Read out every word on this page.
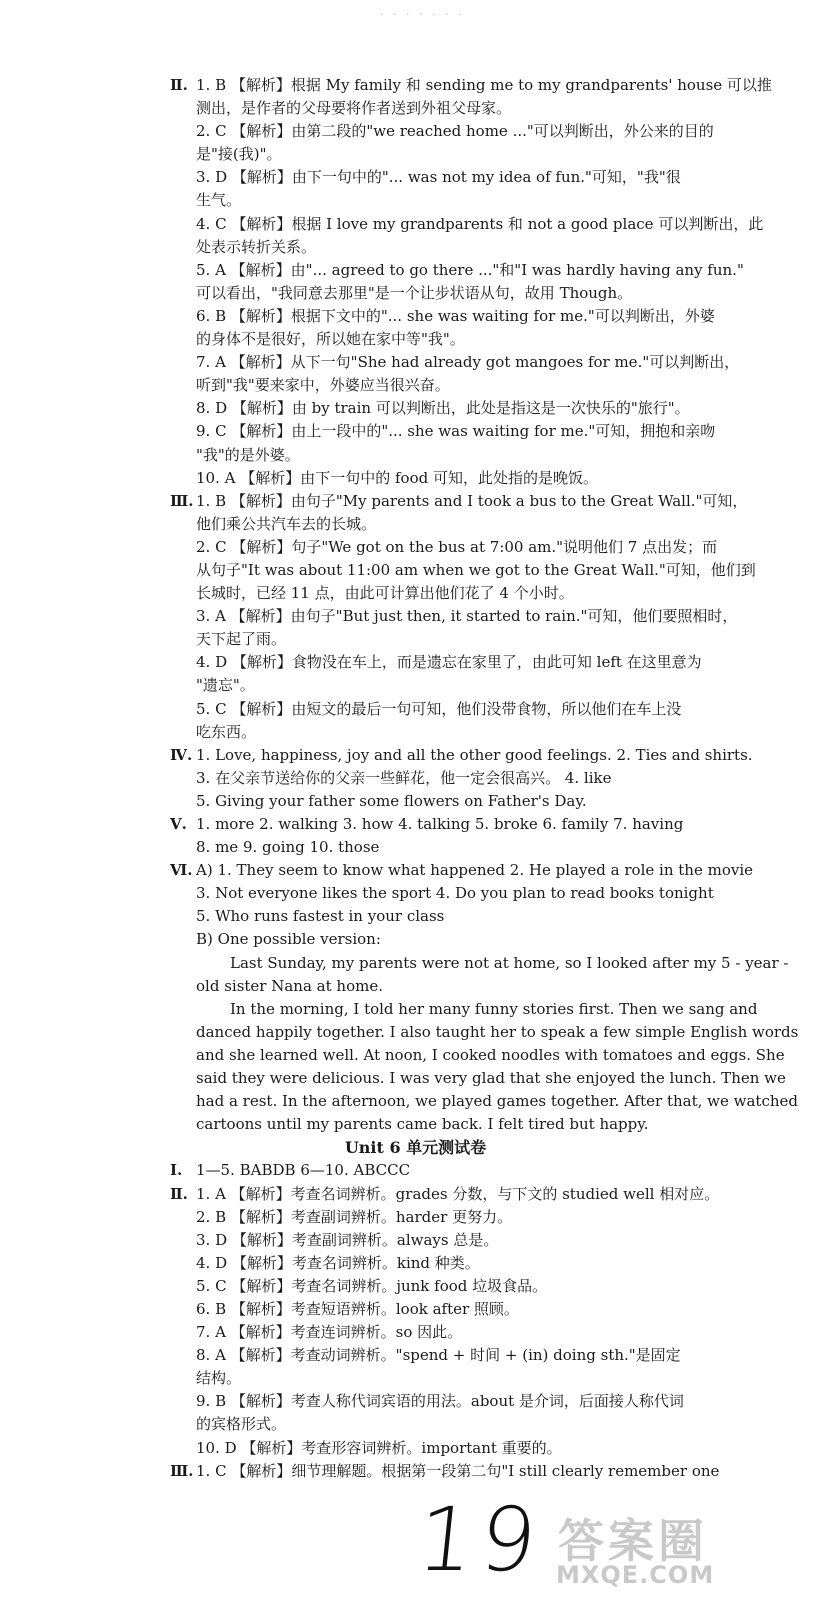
· · · · · · ·
Ⅱ. 1. B 【解析】根据 My family 和 sending me to my grandparents' house 可以推
测出，是作者的父母要将作者送到外祖父母家。
2. C 【解析】由第二段的"we reached home ..."可以判断出，外公来的目的
是"接(我)"。
3. D 【解析】由下一句中的"... was not my idea of fun."可知，"我"很
生气。
4. C 【解析】根据 I love my grandparents 和 not a good place 可以判断出，此
处表示转折关系。
5. A 【解析】由"... agreed to go there ..."和"I was hardly having any fun."
可以看出，"我同意去那里"是一个让步状语从句，故用 Though。
6. B 【解析】根据下文中的"... she was waiting for me."可以判断出，外婆
的身体不是很好，所以她在家中等"我"。
7. A 【解析】从下一句"She had already got mangoes for me."可以判断出，
听到"我"要来家中，外婆应当很兴奋。
8. D 【解析】由 by train 可以判断出，此处是指这是一次快乐的"旅行"。
9. C 【解析】由上一段中的"... she was waiting for me."可知，拥抱和亲吻
"我"的是外婆。
10. A 【解析】由下一句中的 food 可知，此处指的是晚饭。
Ⅲ. 1. B 【解析】由句子"My parents and I took a bus to the Great Wall."可知，
他们乘公共汽车去的长城。
2. C 【解析】句子"We got on the bus at 7:00 am."说明他们 7 点出发；而
从句子"It was about 11:00 am when we got to the Great Wall."可知，他们到
长城时，已经 11 点，由此可计算出他们花了 4 个小时。
3. A 【解析】由句子"But just then, it started to rain."可知，他们要照相时，
天下起了雨。
4. D 【解析】食物没在车上，而是遗忘在家里了，由此可知 left 在这里意为
"遗忘"。
5. C 【解析】由短文的最后一句可知，他们没带食物，所以他们在车上没
吃东西。
Ⅳ. 1. Love, happiness, joy and all the other good feelings. 2. Ties and shirts.
3. 在父亲节送给你的父亲一些鲜花，他一定会很高兴。 4. like
5. Giving your father some flowers on Father's Day.
Ⅴ. 1. more 2. walking 3. how 4. talking 5. broke 6. family 7. having
8. me 9. going 10. those
Ⅵ. A) 1. They seem to know what happened 2. He played a role in the movie
3. Not everyone likes the sport 4. Do you plan to read books tonight
5. Who runs fastest in your class
B) One possible version:
Last Sunday, my parents were not at home, so I looked after my 5 - year -
old sister Nana at home.
In the morning, I told her many funny stories first. Then we sang and
danced happily together. I also taught her to speak a few simple English words
and she learned well. At noon, I cooked noodles with tomatoes and eggs. She
said they were delicious. I was very glad that she enjoyed the lunch. Then we
had a rest. In the afternoon, we played games together. After that, we watched
cartoons until my parents came back. I felt tired but happy.
Unit 6 单元测试卷
Ⅰ. 1—5. BABDB 6—10. ABCCC
Ⅱ. 1. A 【解析】考查名词辨析。grades 分数，与下文的 studied well 相对应。
2. B 【解析】考查副词辨析。harder 更努力。
3. D 【解析】考查副词辨析。always 总是。
4. D 【解析】考查名词辨析。kind 种类。
5. C 【解析】考查名词辨析。junk food 垃圾食品。
6. B 【解析】考查短语辨析。look after 照顾。
7. A 【解析】考查连词辨析。so 因此。
8. A 【解析】考查动词辨析。"spend + 时间 + (in) doing sth."是固定
结构。
9. B 【解析】考查人称代词宾语的用法。about 是介词，后面接人称代词
的宾格形式。
10. D 【解析】考查形容词辨析。important 重要的。
Ⅲ. 1. C 【解析】细节理解题。根据第一段第二句"I still clearly remember one
19 答案圈
MXQE.COM
